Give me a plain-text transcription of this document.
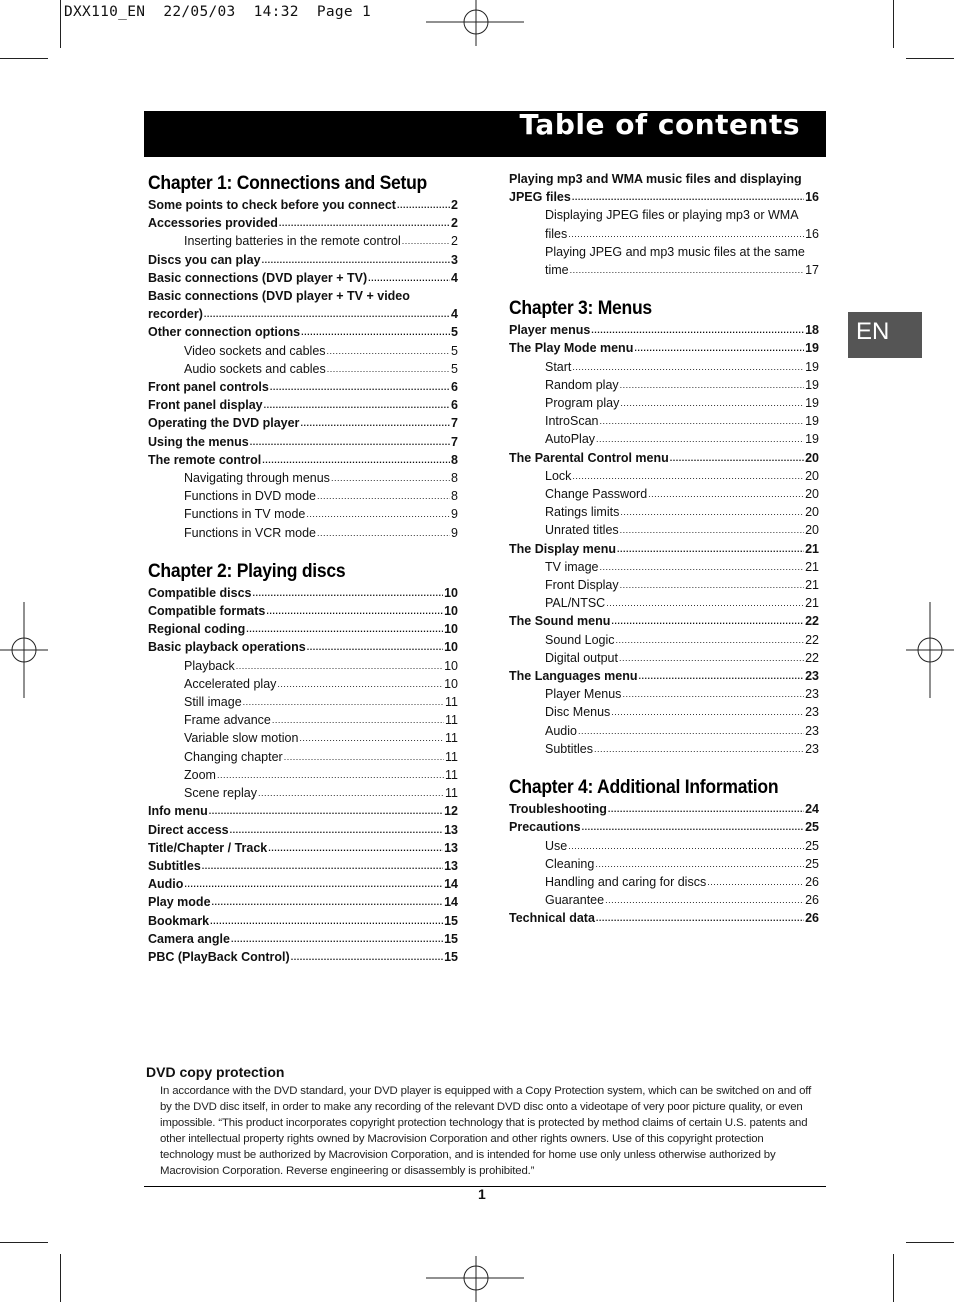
DXX110_EN  22/05/03  14:32  Page 1
Table of contents
EN
Chapter 1: Connections and Setup
Some points to check before you connect .....	2
Accessories provided .....	2
Inserting batteries in the remote control .....	2
Discs you can play .....	3
Basic connections (DVD player + TV) .....	4
Basic connections (DVD player + TV + video
recorder) .....	4
Other connection options .....	5
Video sockets and cables .....	5
Audio sockets and cables .....	5
Front panel controls .....	6
Front panel display .....	6
Operating the DVD player .....	7
Using the menus .....	7
The remote control .....	8
Navigating through menus .....	8
Functions in DVD mode .....	8
Functions in TV mode .....	9
Functions in VCR mode .....	9
Chapter 2: Playing discs
Compatible discs .....	10
Compatible formats .....	10
Regional coding .....	10
Basic playback operations .....	10
Playback .....	10
Accelerated play .....	10
Still image .....	11
Frame advance .....	11
Variable slow motion .....	11
Changing chapter .....	11
Zoom .....	11
Scene replay .....	11
Info menu .....	12
Direct access .....	13
Title/Chapter / Track .....	13
Subtitles .....	13
Audio .....	14
Play mode .....	14
Bookmark .....	15
Camera angle .....	15
PBC (PlayBack Control) .....	15
Playing mp3 and WMA music files and displaying
JPEG files .....	16
Displaying JPEG files or playing mp3 or WMA
files .....	16
Playing JPEG and mp3 music files at the same
time .....	17
Chapter 3: Menus
Player menus .....	18
The Play Mode menu .....	19
Start .....	19
Random play .....	19
Program play .....	19
IntroScan .....	19
AutoPlay .....	19
The Parental Control menu .....	20
Lock .....	20
Change Password .....	20
Ratings limits .....	20
Unrated titles .....	20
The Display menu .....	21
TV image .....	21
Front Display .....	21
PAL/NTSC .....	21
The Sound menu .....	22
Sound Logic .....	22
Digital output .....	22
The Languages menu .....	23
Player Menus .....	23
Disc Menus .....	23
Audio .....	23
Subtitles .....	23
Chapter 4: Additional Information
Troubleshooting .....	24
Precautions .....	25
Use .....	25
Cleaning .....	25
Handling and caring for discs .....	26
Guarantee .....	26
Technical data .....	26
DVD copy protection
In accordance with the DVD standard, your DVD player is equipped with a Copy Protection system, which can be switched on and off by the DVD disc itself, in order to make any recording of the relevant DVD disc onto a videotape of very poor picture quality, or even impossible. “This product incorporates copyright protection technology that is protected by method claims of certain U.S. patents and other intellectual property rights owned by Macrovision Corporation and other rights owners. Use of this copyright protection technology must be authorized by Macrovision Corporation, and is intended for home use only unless otherwise authorized by Macrovision Corporation. Reverse engineering or disassembly is prohibited.”
1
